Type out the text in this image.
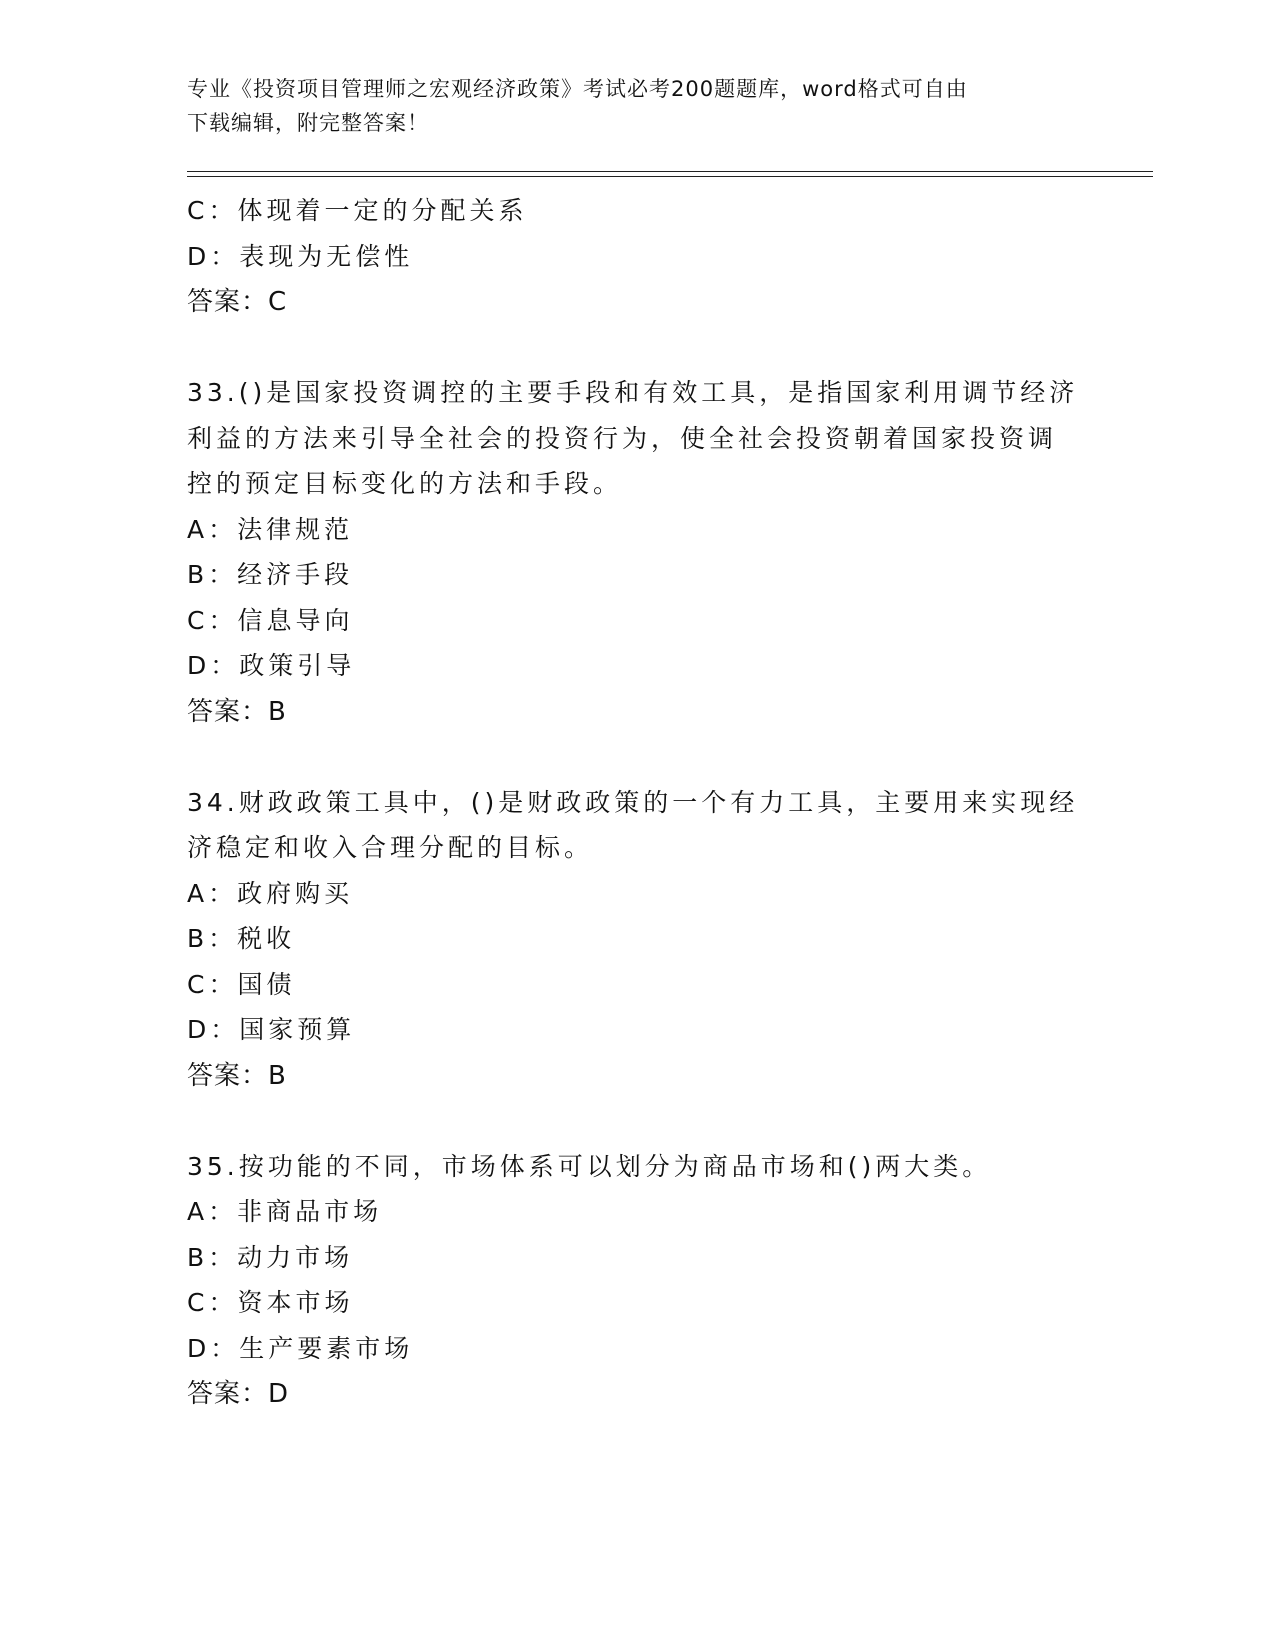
专业《投资项目管理师之宏观经济政策》考试必考200题题库，word格式可自由
下载编辑，附完整答案！
C：体现着一定的分配关系
D：表现为无偿性
答案：C
33.()是国家投资调控的主要手段和有效工具，是指国家利用调节经济
利益的方法来引导全社会的投资行为，使全社会投资朝着国家投资调
控的预定目标变化的方法和手段。
A：法律规范
B：经济手段
C：信息导向
D：政策引导
答案：B
34.财政政策工具中，()是财政政策的一个有力工具，主要用来实现经
济稳定和收入合理分配的目标。
A：政府购买
B：税收
C：国债
D：国家预算
答案：B
35.按功能的不同，市场体系可以划分为商品市场和()两大类。
A：非商品市场
B：动力市场
C：资本市场
D：生产要素市场
答案：D
